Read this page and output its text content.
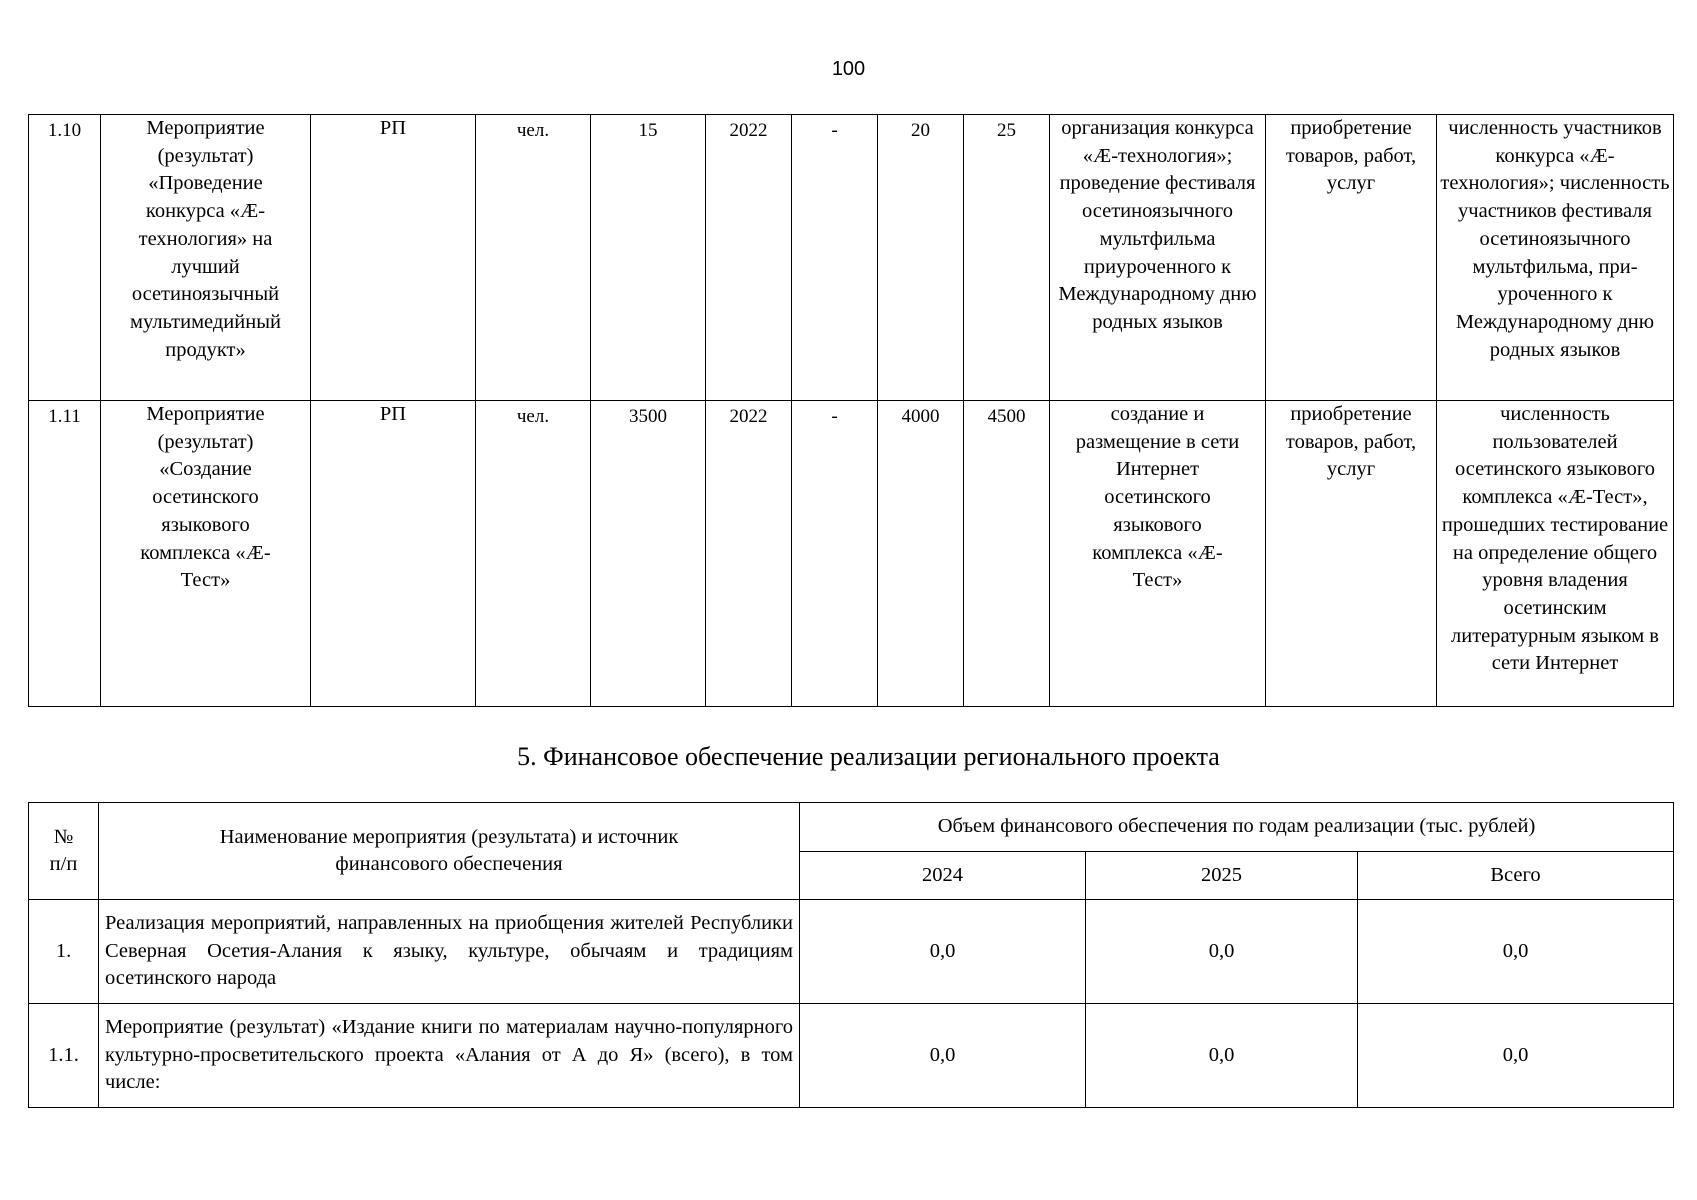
100
1.10	Мероприятие (результат) «Проведение конкурса «Æ-технология» на лучший осетиноязычный мультимедийный продукт»	РП	чел.	15	2022	-	20	25	организация конкурса «Æ-технология»; проведение фестиваля осетиноязычного мультфильма приуроченного к Международному дню родных языков	приобретение товаров, работ, услуг	численность участников конкурса «Æ-технология»; численность участников фестиваля осетиноязычного мультфильма, при-уроченного к Международному дню родных языков
1.11	Мероприятие (результат) «Создание осетинского языкового комплекса «Æ-Тест»	РП	чел.	3500	2022	-	4000	4500	создание и размещение в сети Интернет осетинского языкового комплекса «Æ-Тест»	приобретение товаров, работ, услуг	численность пользователей осетинского языкового комплекса «Æ-Тест», прошедших тестирование на определение общего уровня владения осетинским литературным языком в сети Интернет
5. Финансовое обеспечение реализации регионального проекта
№ п/п	Наименование мероприятия (результата) и источник финансового обеспечения	Объем финансового обеспечения по годам реализации (тыс. рублей)		
		2024	2025	Всего
1.	Реализация мероприятий, направленных на приобщения жителей Республики Северная Осетия-Алания к языку, культуре, обычаям и традициям осетинского народа	0,0	0,0	0,0
1.1.	Мероприятие (результат) «Издание книги по материалам научно-популярного культурно-просветительского проекта «Алания от А до Я» (всего), в том числе:	0,0	0,0	0,0
